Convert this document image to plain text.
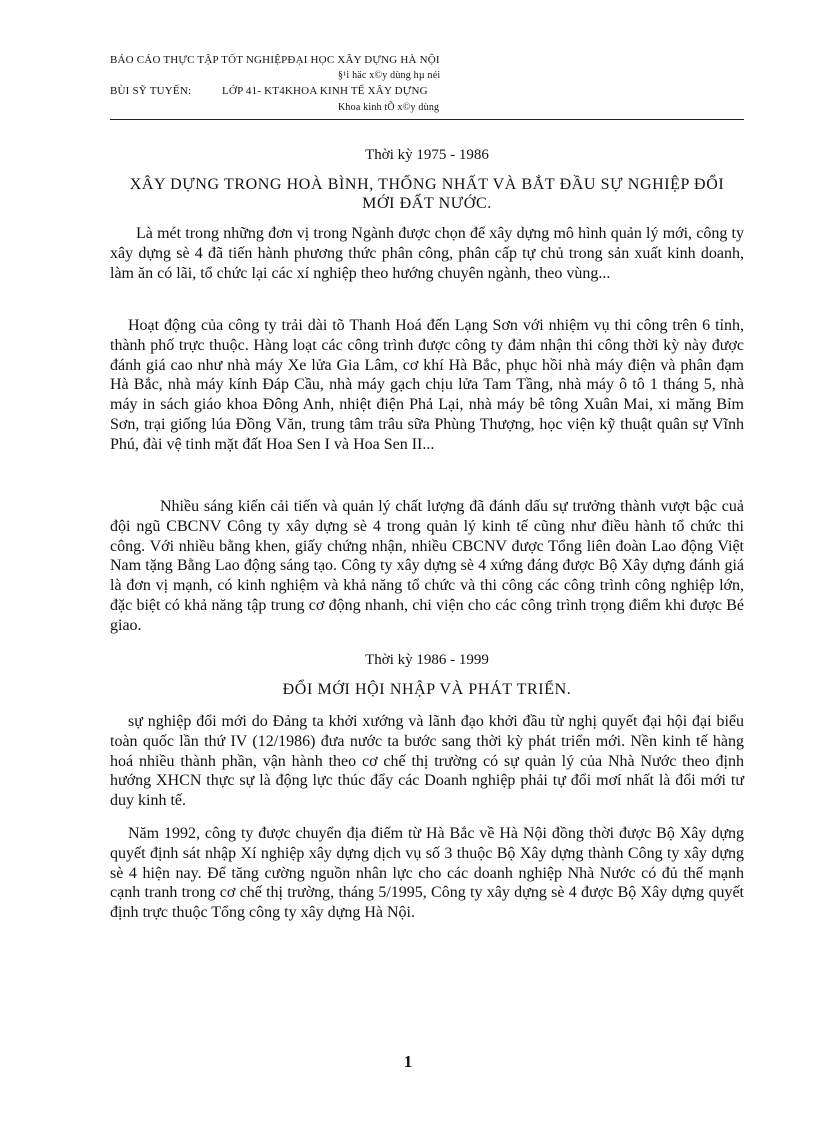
BÁO CÁO THỰC TẬP TỐT NGHIỆPĐẠI HỌC XÂY DỰNG HÀ NỘI
§¹i häc x©y dùng hµ néi
BÙI SỸ TUYẾN:	LỚP 41- KT4KHOA KINH TẾ XÂY DỰNG
Khoa kinh tÕ x©y dùng
Thời kỳ 1975 - 1986
XÂY DỰNG TRONG HOÀ BÌNH, THỐNG NHẤT VÀ BẮT ĐẦU SỰ NGHIỆP ĐỔI MỚI ĐẤT NƯỚC.

Là mét trong những đơn vị trong Ngành được chọn để xây dựng mô hình quản lý mới, công ty xây dựng sè 4 đã tiến hành phương thức phân công, phân cấp tự chủ trong sản xuất kinh doanh, làm ăn có lãi, tổ chức lại các xí nghiệp theo hướng chuyên ngành, theo vùng...

Hoạt động của công ty trải dài tõ Thanh Hoá đến Lạng Sơn với nhiệm vụ thi công trên 6 tỉnh, thành phố trực thuộc. Hàng loạt các công trình được công ty đảm nhận thi công thời kỳ này được đánh giá cao như nhà máy Xe lửa Gia Lâm, cơ khí Hà Bắc, phục hồi nhà máy điện và phân đạm Hà Bắc, nhà máy kính Đáp Cầu, nhà máy gạch chịu lửa Tam Tầng, nhà máy ô tô 1 tháng 5, nhà máy in sách giáo khoa Đông Anh, nhiệt điện Phả Lại, nhà máy bê tông Xuân Mai, xi măng Bỉm Sơn, trại giống lúa Đồng Văn, trung tâm trâu sữa Phùng Thượng, học viện kỹ thuật quân sự Vĩnh Phú, đài vệ tinh mặt đất Hoa Sen I và Hoa Sen II...

Nhiều sáng kiến cải tiến và quản lý chất lượng đã đánh dấu sự trưởng thành vượt bậc cuả đội ngũ CBCNV Công ty xây dựng sè 4 trong quản lý kinh tế cũng như điều hành tổ chức thi công. Với nhiều bằng khen, giấy chứng nhận, nhiều CBCNV được Tổng liên đoàn Lao động Việt Nam tặng Bằng Lao động sáng tạo. Công ty xây dựng sè 4 xứng đáng được Bộ Xây dựng đánh giá là đơn vị mạnh, có kinh nghiệm và khả năng tổ chức và thi công các công trình công nghiệp lớn, đặc biệt có khả năng tập trung cơ động nhanh, chi viện cho các công trình trọng điểm khi được Bé giao.

Thời kỳ 1986 - 1999
ĐỔI MỚI HỘI NHẬP VÀ PHÁT TRIỂN.

sự nghiệp đổi mới do Đảng ta khởi xướng và lãnh đạo khởi đầu từ nghị quyết đại hội đại biểu toàn quốc lần thứ IV (12/1986) đưa nước ta bước sang thời kỳ phát triển mới. Nền kinh tế hàng hoá nhiều thành phần, vận hành theo cơ chế thị trường có sự quản lý của Nhà Nước theo định hướng XHCN thực sự là động lực thúc đẩy các Doanh nghiệp phải tự đổi mơí nhất là đổi mới tư duy kinh tế.

Năm 1992, công ty được chuyển địa điểm từ Hà Bắc về Hà Nội đồng thời được Bộ Xây dựng quyết định sát nhập Xí nghiệp xây dựng dịch vụ số 3 thuộc Bộ Xây dựng thành Công ty xây dựng sè 4 hiện nay. Để tăng cường nguồn nhân lực cho các doanh nghiệp Nhà Nước có đủ thế mạnh cạnh tranh trong cơ chế thị trường, tháng 5/1995, Công ty xây dựng sè 4 được Bộ Xây dựng quyết định trực thuộc Tổng công ty xây dựng Hà Nội.

1
